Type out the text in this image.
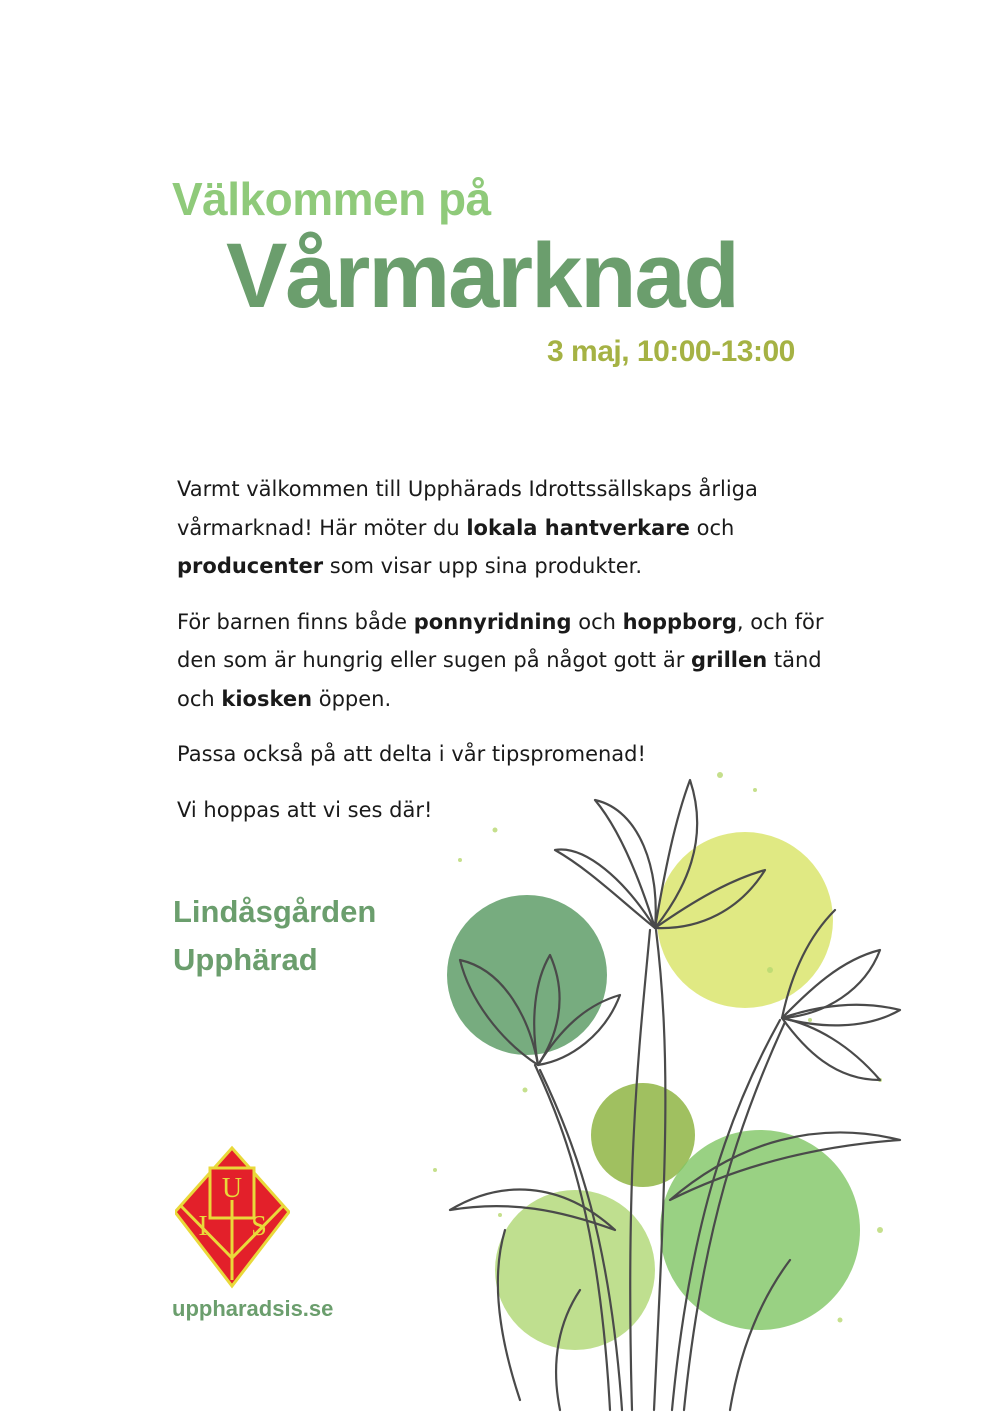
Välkommen på
Vårmarknad
3 maj, 10:00-13:00

Varmt välkommen till Upphärads Idrottssällskaps årliga vårmarknad! Här möter du lokala hantverkare och producenter som visar upp sina produkter.

För barnen finns både ponnyridning och hoppborg, och för den som är hungrig eller sugen på något gott är grillen tänd och kiosken öppen.

Passa också på att delta i vår tipspromenad!

Vi hoppas att vi ses där!

Lindåsgården
Upphärad
U
I S
uppharadsis.se
